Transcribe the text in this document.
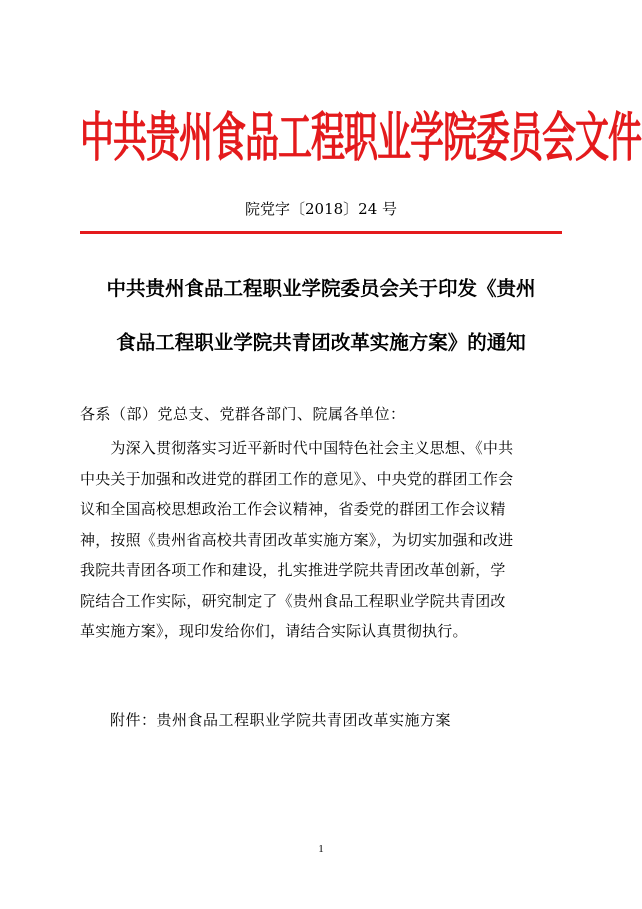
中共贵州食品工程职业学院委员会文件
院党字〔2018〕24 号
中共贵州食品工程职业学院委员会关于印发《贵州
食品工程职业学院共青团改革实施方案》的通知
各系（部）党总支、党群各部门、院属各单位：
　　为深入贯彻落实习近平新时代中国特色社会主义思想、《中共
中央关于加强和改进党的群团工作的意见》、中央党的群团工作会
议和全国高校思想政治工作会议精神，省委党的群团工作会议精
神，按照《贵州省高校共青团改革实施方案》，为切实加强和改进
我院共青团各项工作和建设，扎实推进学院共青团改革创新，学
院结合工作实际，研究制定了《贵州食品工程职业学院共青团改
革实施方案》，现印发给你们，请结合实际认真贯彻执行。
附件：贵州食品工程职业学院共青团改革实施方案
1
